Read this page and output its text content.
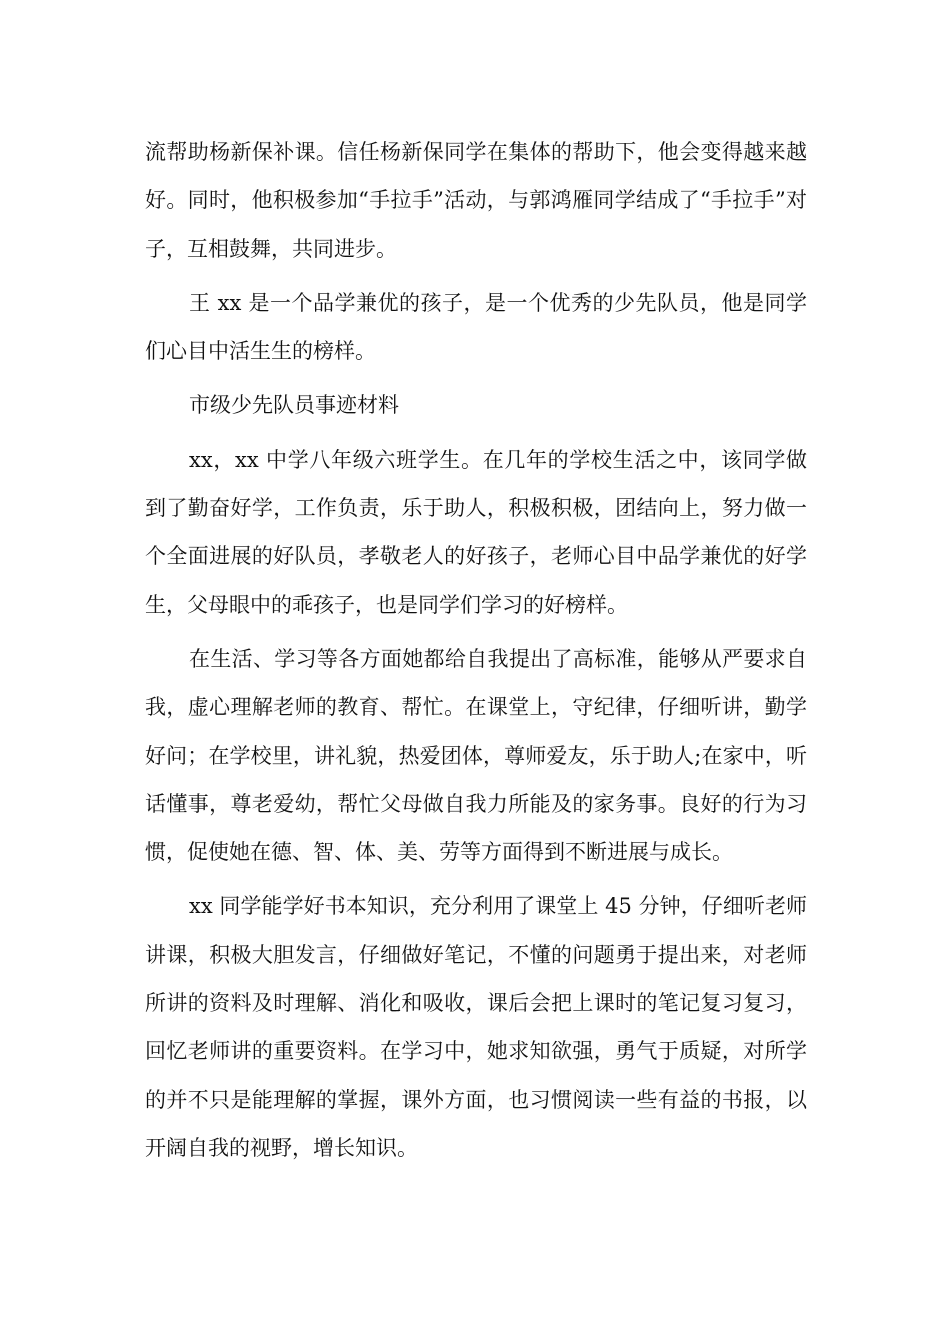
流帮助杨新保补课。信任杨新保同学在集体的帮助下，他会变得越来越好。同时，他积极参加“手拉手”活动，与郭鸿雁同学结成了“手拉手”对子，互相鼓舞，共同进步。

王 xx 是一个品学兼优的孩子，是一个优秀的少先队员，他是同学们心目中活生生的榜样。

市级少先队员事迹材料

xx，xx 中学八年级六班学生。在几年的学校生活之中，该同学做到了勤奋好学，工作负责，乐于助人，积极积极，团结向上，努力做一个全面进展的好队员，孝敬老人的好孩子，老师心目中品学兼优的好学生，父母眼中的乖孩子，也是同学们学习的好榜样。

在生活、学习等各方面她都给自我提出了高标准，能够从严要求自我，虚心理解老师的教育、帮忙。在课堂上，守纪律，仔细听讲，勤学好问；在学校里，讲礼貌，热爱团体，尊师爱友，乐于助人;在家中，听话懂事，尊老爱幼，帮忙父母做自我力所能及的家务事。良好的行为习惯，促使她在德、智、体、美、劳等方面得到不断进展与成长。

xx 同学能学好书本知识，充分利用了课堂上 45 分钟，仔细听老师讲课，积极大胆发言，仔细做好笔记，不懂的问题勇于提出来，对老师所讲的资料及时理解、消化和吸收，课后会把上课时的笔记复习复习，回忆老师讲的重要资料。在学习中，她求知欲强，勇气于质疑，对所学的并不只是能理解的掌握，课外方面，也习惯阅读一些有益的书报，以开阔自我的视野，增长知识。
